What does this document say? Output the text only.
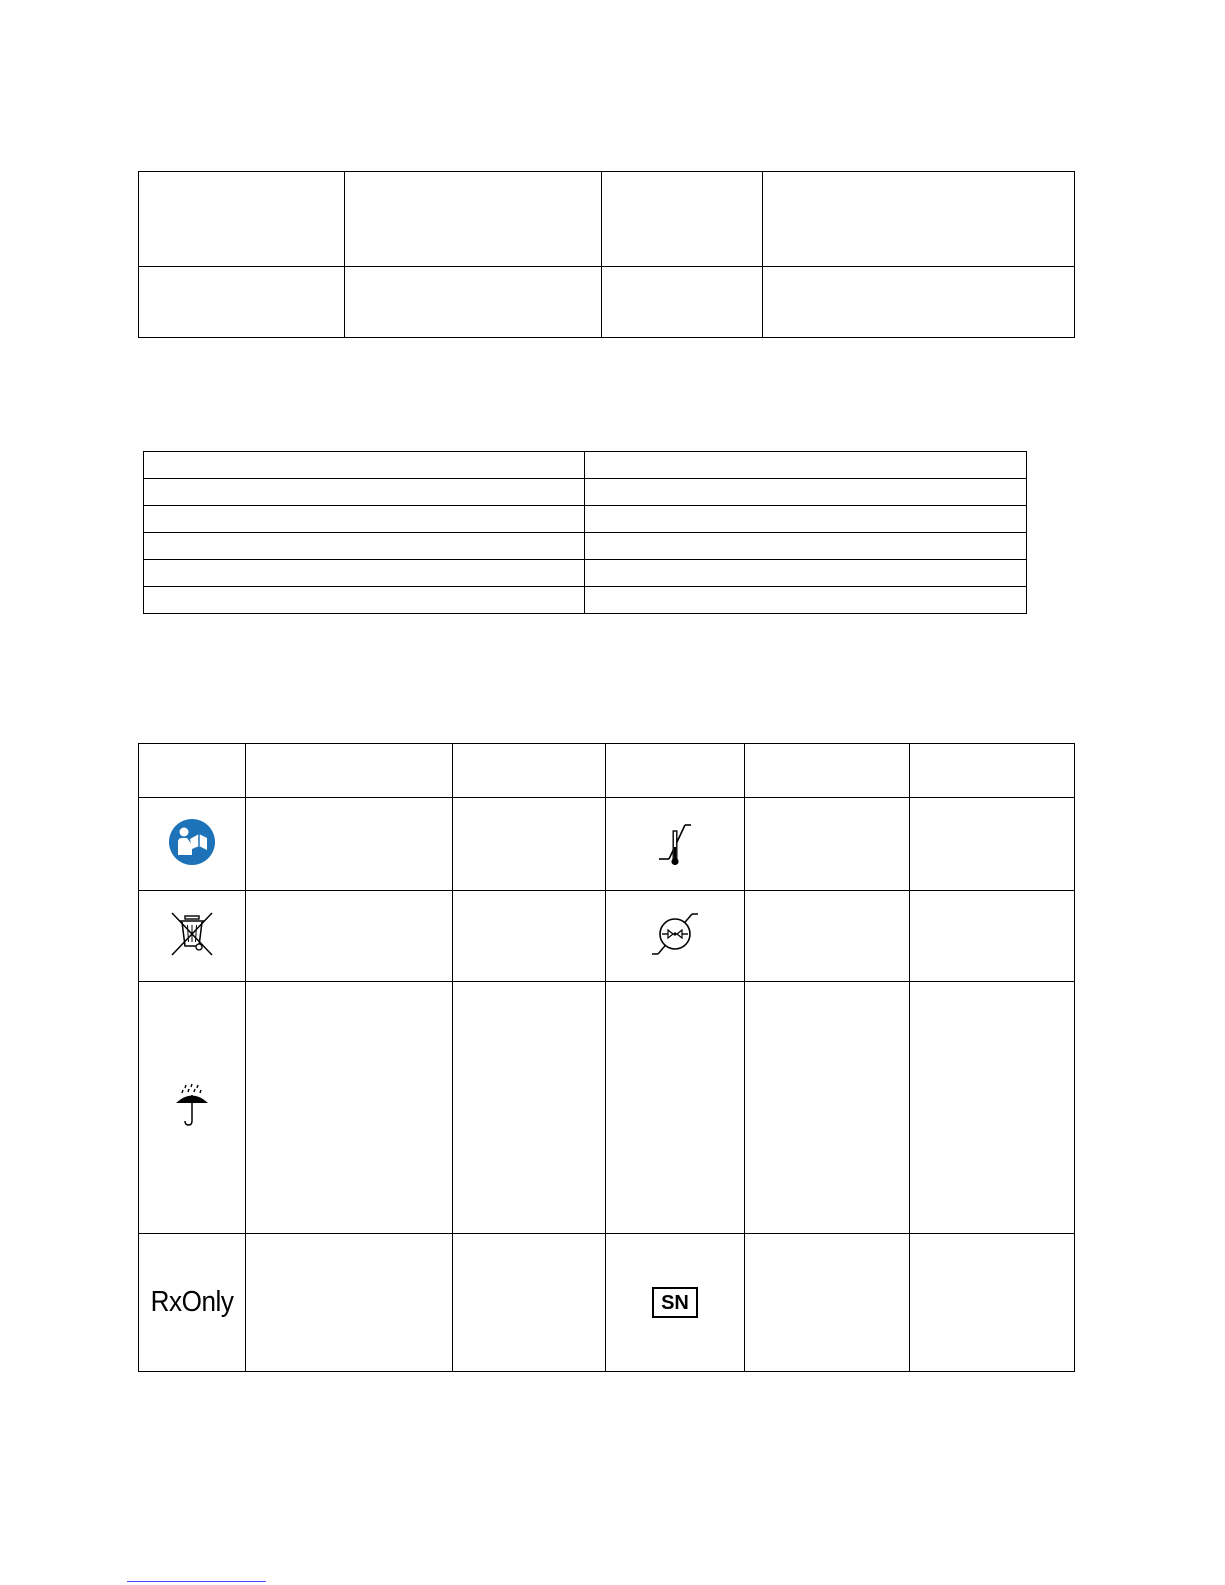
RxOnly			SN		
